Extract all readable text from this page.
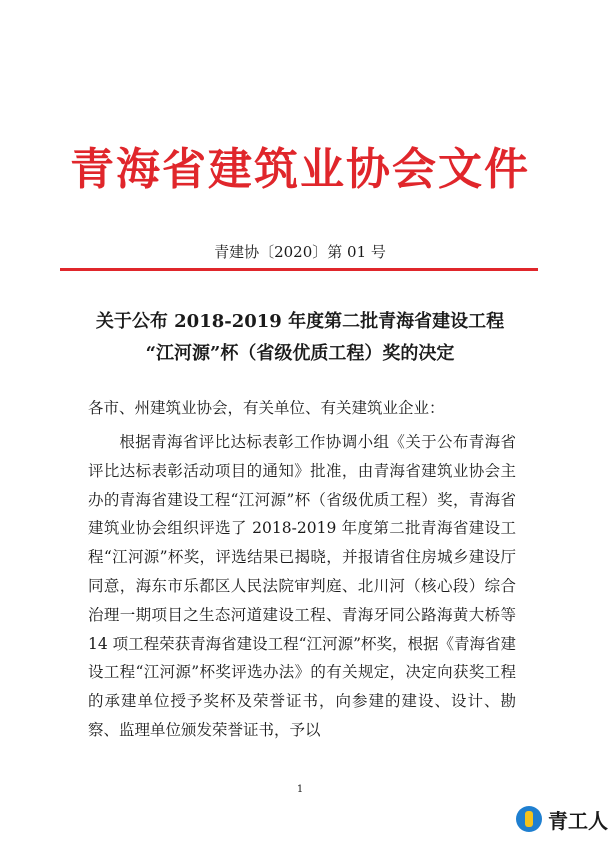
青海省建筑业协会文件
青建协〔2020〕第 01 号
关于公布 2018-2019 年度第二批青海省建设工程
“江河源”杯（省级优质工程）奖的决定
各市、州建筑业协会，有关单位、有关建筑业企业：
根据青海省评比达标表彰工作协调小组《关于公布青海省评比达标表彰活动项目的通知》批准，由青海省建筑业协会主办的青海省建设工程“江河源”杯（省级优质工程）奖，青海省建筑业协会组织评选了 2018-2019 年度第二批青海省建设工程“江河源”杯奖，评选结果已揭晓，并报请省住房城乡建设厅同意，海东市乐都区人民法院审判庭、北川河（核心段）综合治理一期项目之生态河道建设工程、青海牙同公路海黄大桥等 14 项工程荣获青海省建设工程“江河源”杯奖，根据《青海省建设工程“江河源”杯奖评选办法》的有关规定，决定向获奖工程的承建单位授予奖杯及荣誉证书，向参建的建设、设计、勘察、监理单位颁发荣誉证书，予以
1
青工人
